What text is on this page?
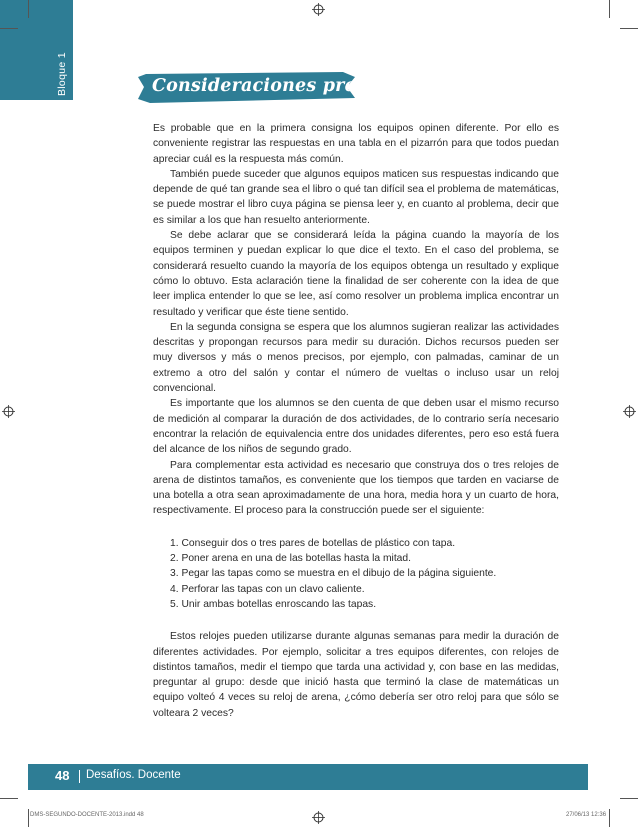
Bloque 1	Consideraciones previas

Es probable que en la primera consigna los equipos opinen diferente. Por ello es conveniente registrar las respuestas en una tabla en el pizarrón para que todos puedan apreciar cuál es la respuesta más común.

También puede suceder que algunos equipos maticen sus respuestas indicando que depende de qué tan grande sea el libro o qué tan difícil sea el problema de matemáticas, se puede mostrar el libro cuya página se piensa leer y, en cuanto al problema, decir que es similar a los que han resuelto anteriormente.

Se debe aclarar que se considerará leída la página cuando la mayoría de los equipos terminen y puedan explicar lo que dice el texto. En el caso del problema, se considerará resuelto cuando la mayoría de los equipos obtenga un resultado y explique cómo lo obtuvo. Esta aclaración tiene la finalidad de ser coherente con la idea de que leer implica entender lo que se lee, así como resolver un problema implica encontrar un resultado y verificar que éste tiene sentido.

En la segunda consigna se espera que los alumnos sugieran realizar las actividades descritas y propongan recursos para medir su duración. Dichos recursos pueden ser muy diversos y más o menos precisos, por ejemplo, con palmadas, caminar de un extremo a otro del salón y contar el número de vueltas o incluso usar un reloj convencional.

Es importante que los alumnos se den cuenta de que deben usar el mismo recurso de medición al comparar la duración de dos actividades, de lo contrario sería necesario encontrar la relación de equivalencia entre dos unidades diferentes, pero eso está fuera del alcance de los niños de segundo grado.

Para complementar esta actividad es necesario que construya dos o tres relojes de arena de distintos tamaños, es conveniente que los tiempos que tarden en vaciarse de una botella a otra sean aproximadamente de una hora, media hora y un cuarto de hora, respectivamente. El proceso para la construcción puede ser el siguiente:

1. Conseguir dos o tres pares de botellas de plástico con tapa.
2. Poner arena en una de las botellas hasta la mitad.
3. Pegar las tapas como se muestra en el dibujo de la página siguiente.
4. Perforar las tapas con un clavo caliente.
5. Unir ambas botellas enroscando las tapas.

Estos relojes pueden utilizarse durante algunas semanas para medir la duración de diferentes actividades. Por ejemplo, solicitar a tres equipos diferentes, con relojes de distintos tamaños, medir el tiempo que tarda una actividad y, con base en las medidas, preguntar al grupo: desde que inició hasta que terminó la clase de matemáticas un equipo volteó 4 veces su reloj de arena, ¿cómo debería ser otro reloj para que sólo se volteara 2 veces?

48 Desafíos. Docente
DMS-SEGUNDO-DOCENTE-2013.indd 48	27/06/13 12:36
